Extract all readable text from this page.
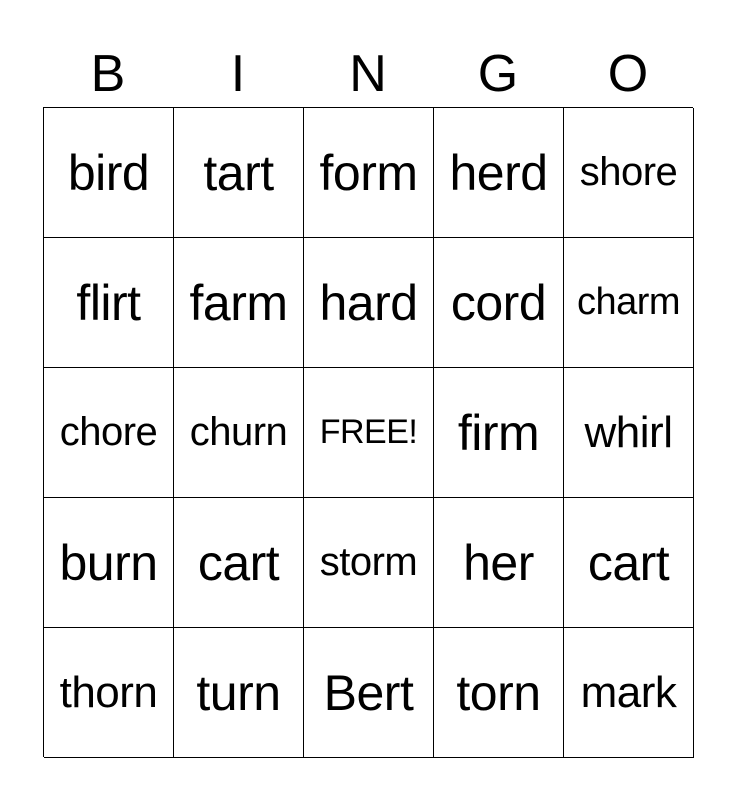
B	I	N	G	O
bird	tart form herd shore
flirt farm hard cord charm
chore churn FREE! firm	whirl
burn cart	storm her	cart
thorn turn Bert torn mark
